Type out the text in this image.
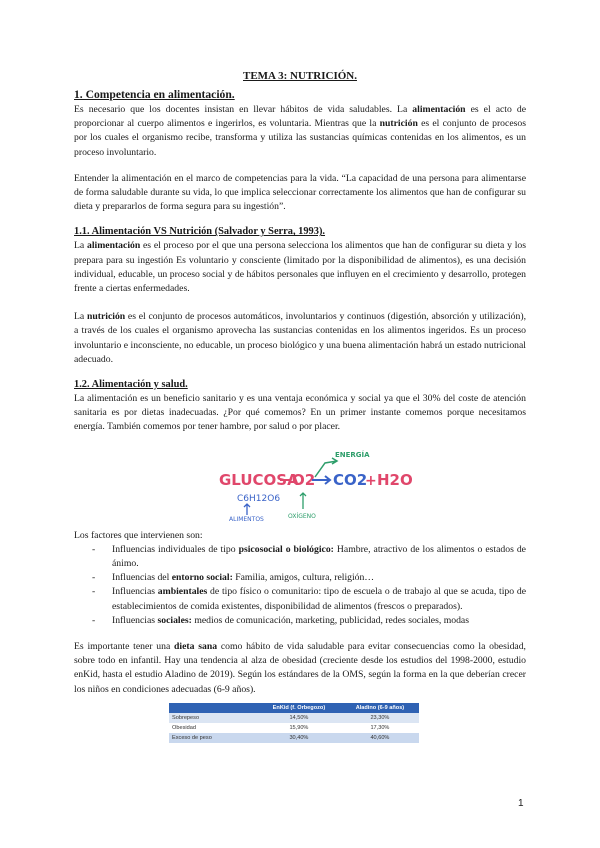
TEMA 3: NUTRICIÓN.
1. Competencia en alimentación.

Es necesario que los docentes insistan en llevar hábitos de vida saludables. La alimentación es el acto de proporcionar al cuerpo alimentos e ingerirlos, es voluntaria. Mientras que la nutrición es el conjunto de procesos por los cuales el organismo recibe, transforma y utiliza las sustancias químicas contenidas en los alimentos, es un proceso involuntario.

Entender la alimentación en el marco de competencias para la vida. “La capacidad de una persona para alimentarse de forma saludable durante su vida, lo que implica seleccionar correctamente los alimentos que han de configurar su dieta y prepararlos de forma segura para su ingestión”.

1.1. Alimentación VS Nutrición (Salvador y Serra, 1993).

La alimentación es el proceso por el que una persona selecciona los alimentos que han de configurar su dieta y los prepara para su ingestión Es voluntario y consciente (limitado por la disponibilidad de alimentos), es una decisión individual, educable, un proceso social y de hábitos personales que influyen en el crecimiento y desarrollo, protegen frente a ciertas enfermedades.

La nutrición es el conjunto de procesos automáticos, involuntarios y continuos (digestión, absorción y utilización), a través de los cuales el organismo aprovecha las sustancias contenidas en los alimentos ingeridos. Es un proceso involuntario e inconsciente, no educable, un proceso biológico y una buena alimentación habrá un estado nutricional adecuado.

1.2. Alimentación y salud.

La alimentación es un beneficio sanitario y es una ventaja económica y social ya que el 30% del coste de atención sanitaria es por dietas inadecuadas. ¿Por qué comemos? En un primer instante comemos porque necesitamos energía. También comemos por tener hambre, por salud o por placer.

GLUCOSA
C6H12O6
O2
ENERGÍA
CO2
+ H2O
ALIMENTOS	OXÍGENO
Los factores que intervienen son:
- Influencias individuales de tipo psicosocial o biológico: Hambre, atractivo de los alimentos o estados de ánimo.
- Influencias del entorno social: Familia, amigos, cultura, religión…
- Influencias ambientales de tipo físico o comunitario: tipo de escuela o de trabajo al que se acuda, tipo de establecimientos de comida existentes, disponibilidad de alimentos (frescos o preparados).
- Influencias sociales: medios de comunicación, marketing, publicidad, redes sociales, modas

Es importante tener una dieta sana como hábito de vida saludable para evitar consecuencias como la obesidad, sobre todo en infantil. Hay una tendencia al alza de obesidad (creciente desde los estudios del 1998-2000, estudio enKid, hasta el estudio Aladino de 2019). Según los estándares de la OMS, según la forma en la que deberían crecer los niños en condiciones adecuadas (6-9 años).

	EnKid (f. Orbegozo)	Aladino (6-9 años)
Sobrepeso	14,50%	23,30%
Obesidad	15,90%	17,30%
Exceso de peso	30,40%	40,60%
1
